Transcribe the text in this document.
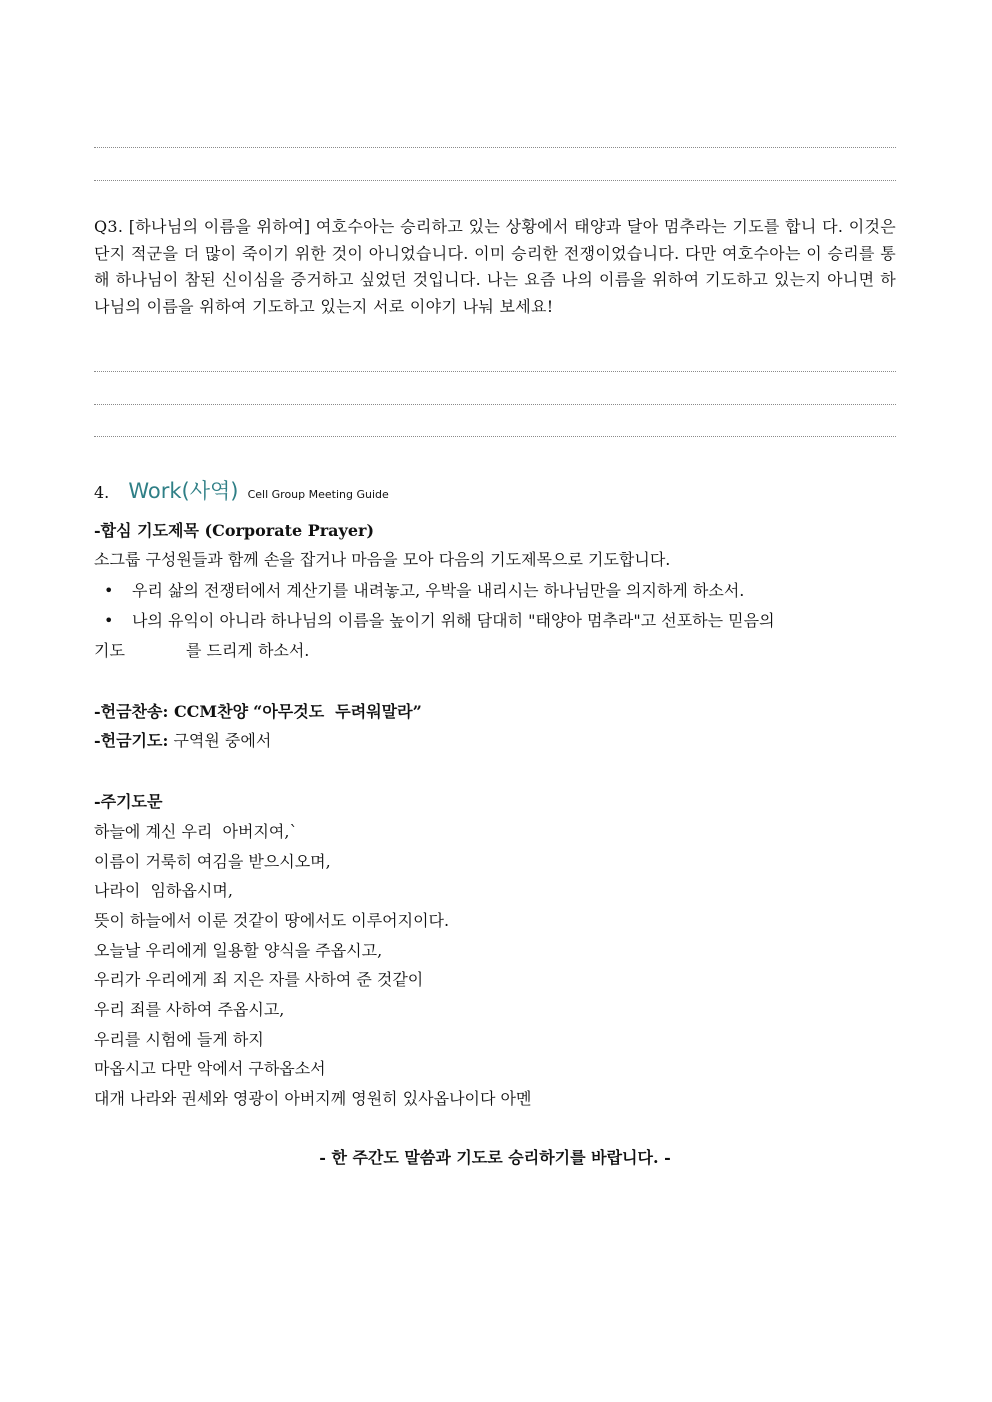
Q3. [하나님의 이름을 위하여] 여호수아는 승리하고 있는 상황에서 태양과 달아 멈추라는 기도를 합니 다. 이것은 단지 적군을 더 많이 죽이기 위한 것이 아니었습니다. 이미 승리한 전쟁이었습니다. 다만 여호수아는 이 승리를 통해 하나님이 참된 신이심을 증거하고 싶었던 것입니다. 나는 요즘 나의 이름을 위하여 기도하고 있는지 아니면 하나님의 이름을 위하여 기도하고 있는지 서로 이야기 나눠 보세요!
4. Work(사역) Cell Group Meeting Guide
-합심 기도제목 (Corporate Prayer)
소그룹 구성원들과 함께 손을 잡거나 마음을 모아 다음의 기도제목으로 기도합니다.
• 우리 삶의 전쟁터에서 계산기를 내려놓고, 우박을 내리시는 하나님만을 의지하게 하소서.
• 나의 유익이 아니라 하나님의 이름을 높이기 위해 담대히 "태양아 멈추라"고 선포하는 믿음의
기도            를 드리게 하소서.
-헌금찬송: CCM찬양 “아무것도  두려워말라”
-헌금기도: 구역원 중에서
-주기도문
하늘에 계신 우리  아버지여,`
이름이 거룩히 여김을 받으시오며,
나라이  임하옵시며,
뜻이 하늘에서 이룬 것같이 땅에서도 이루어지이다.
오늘날 우리에게 일용할 양식을 주옵시고,
우리가 우리에게 죄 지은 자를 사하여 준 것같이
우리 죄를 사하여 주옵시고,
우리를 시험에 들게 하지
마옵시고 다만 악에서 구하옵소서
대개 나라와 권세와 영광이 아버지께 영원히 있사옵나이다 아멘
- 한 주간도 말씀과 기도로 승리하기를 바랍니다. -
